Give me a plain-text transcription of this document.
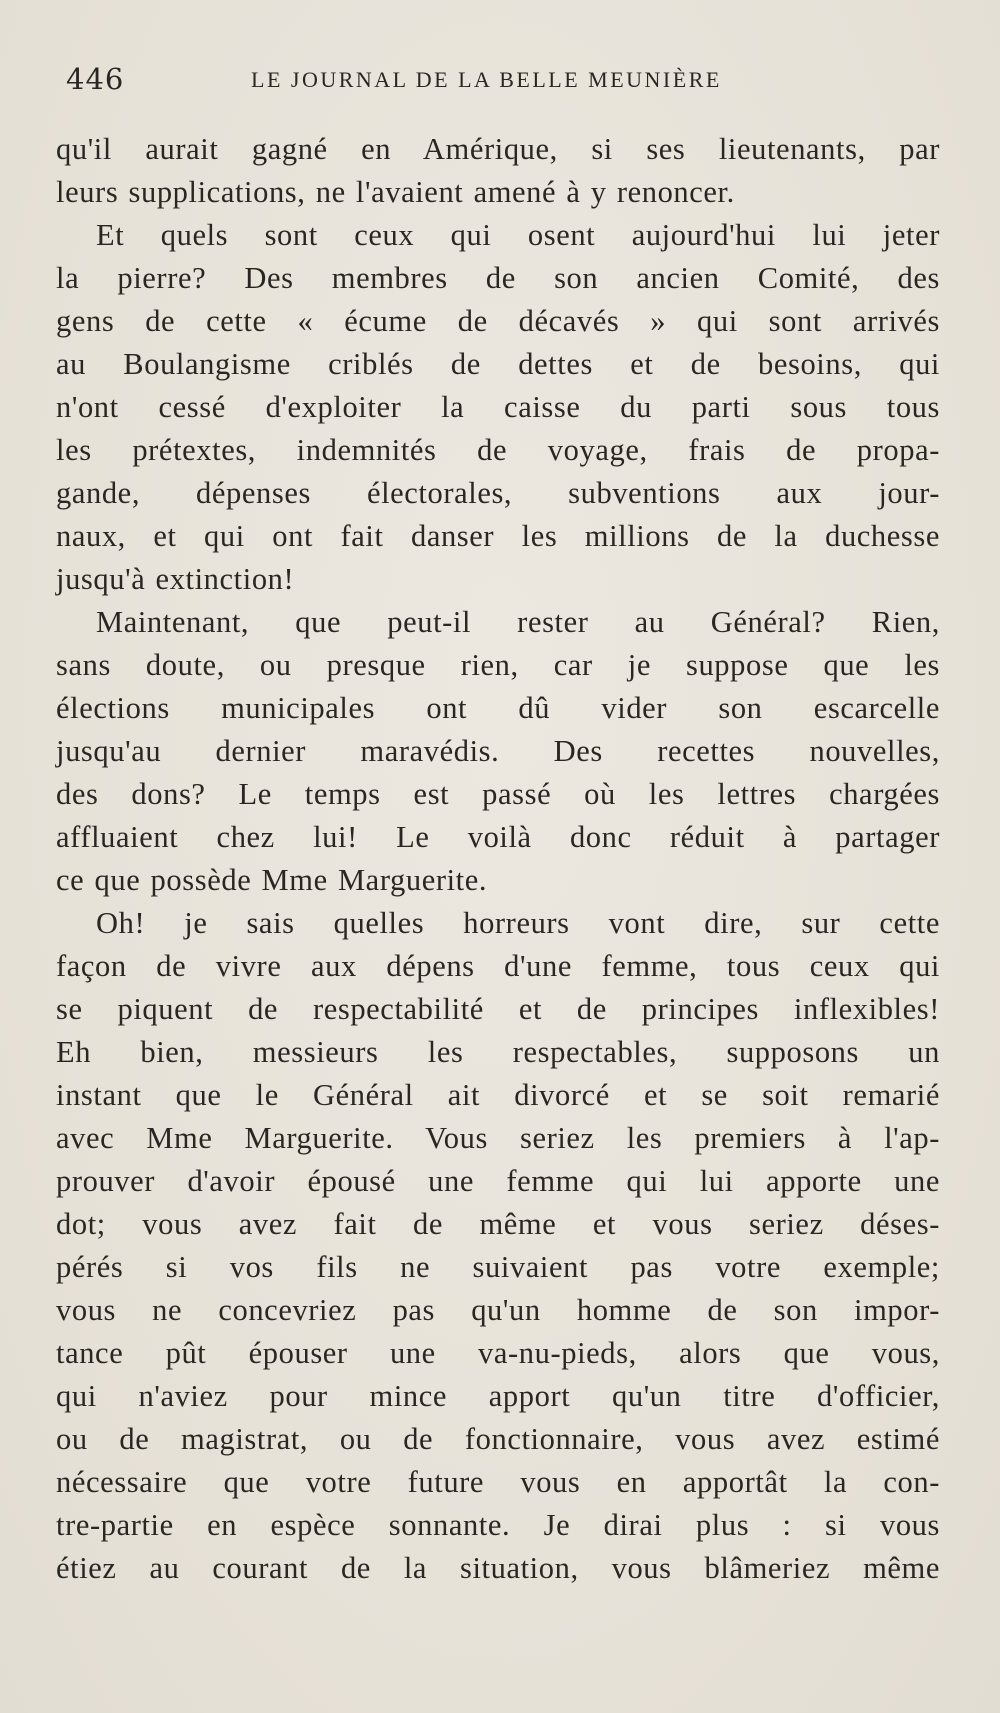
446	LE JOURNAL DE LA BELLE MEUNIÈRE
qu'il aurait gagné en Amérique, si ses lieutenants, par
leurs supplications, ne l'avaient amené à y renoncer.
Et quels sont ceux qui osent aujourd'hui lui jeter
la pierre? Des membres de son ancien Comité, des
gens de cette « écume de décavés » qui sont arrivés
au Boulangisme criblés de dettes et de besoins, qui
n'ont cessé d'exploiter la caisse du parti sous tous
les prétextes, indemnités de voyage, frais de propa-
gande, dépenses électorales, subventions aux jour-
naux, et qui ont fait danser les millions de la duchesse
jusqu'à extinction!
Maintenant, que peut-il rester au Général? Rien,
sans doute, ou presque rien, car je suppose que les
élections municipales ont dû vider son escarcelle
jusqu'au dernier maravédis. Des recettes nouvelles,
des dons? Le temps est passé où les lettres chargées
affluaient chez lui! Le voilà donc réduit à partager
ce que possède Mme Marguerite.
Oh! je sais quelles horreurs vont dire, sur cette
façon de vivre aux dépens d'une femme, tous ceux qui
se piquent de respectabilité et de principes inflexibles!
Eh bien, messieurs les respectables, supposons un
instant que le Général ait divorcé et se soit remarié
avec Mme Marguerite. Vous seriez les premiers à l'ap-
prouver d'avoir épousé une femme qui lui apporte une
dot; vous avez fait de même et vous seriez déses-
pérés si vos fils ne suivaient pas votre exemple;
vous ne concevriez pas qu'un homme de son impor-
tance pût épouser une va-nu-pieds, alors que vous,
qui n'aviez pour mince apport qu'un titre d'officier,
ou de magistrat, ou de fonctionnaire, vous avez estimé
nécessaire que votre future vous en apportât la con-
tre-partie en espèce sonnante. Je dirai plus : si vous
étiez au courant de la situation, vous blâmeriez même
